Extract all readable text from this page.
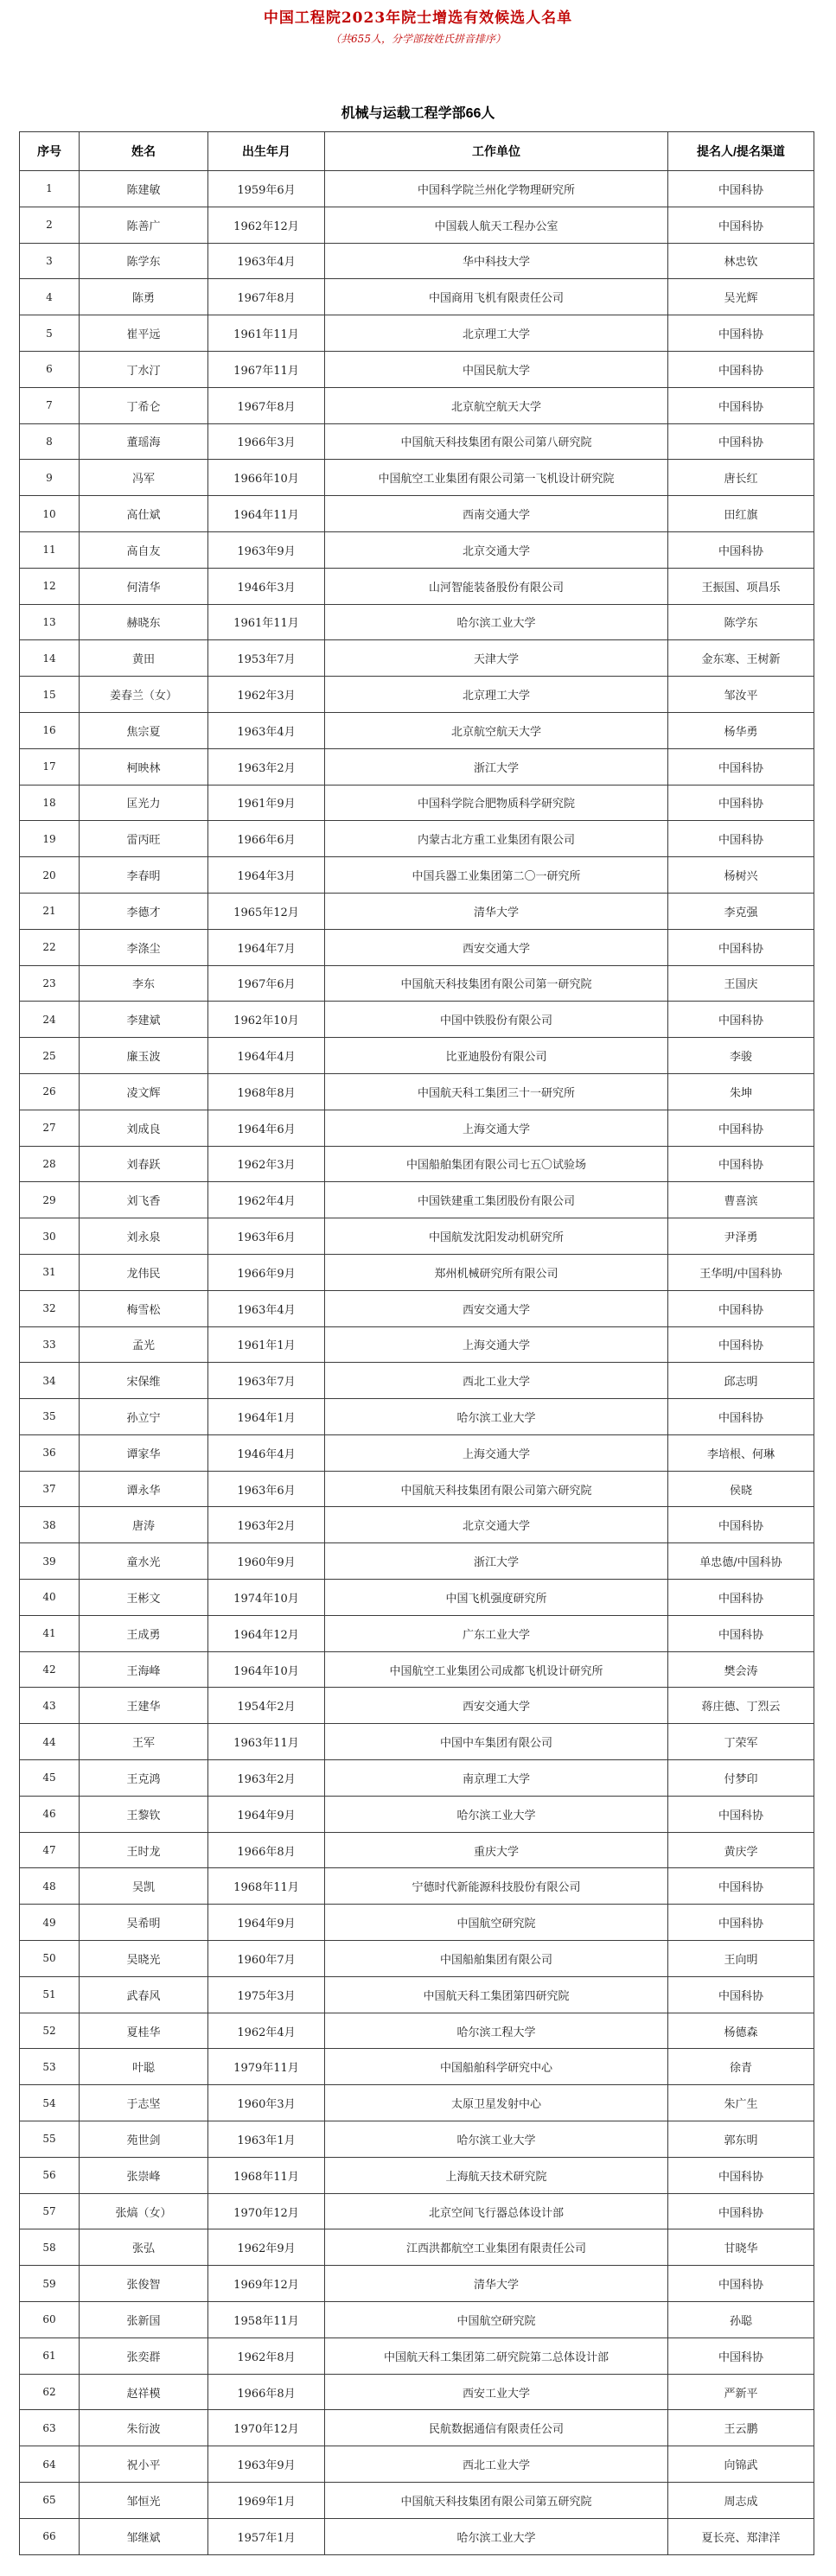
中国工程院2023年院士增选有效候选人名单
（共655人，分学部按姓氏拼音排序）
机械与运载工程学部66人
序号	姓名	出生年月	工作单位	提名人/提名渠道
1	陈建敏	1959年6月	中国科学院兰州化学物理研究所	中国科协
2	陈善广	1962年12月	中国载人航天工程办公室	中国科协
3	陈学东	1963年4月	华中科技大学	林忠钦
4	陈勇	1967年8月	中国商用飞机有限责任公司	吴光辉
5	崔平远	1961年11月	北京理工大学	中国科协
6	丁水汀	1967年11月	中国民航大学	中国科协
7	丁希仑	1967年8月	北京航空航天大学	中国科协
8	董瑶海	1966年3月	中国航天科技集团有限公司第八研究院	中国科协
9	冯军	1966年10月	中国航空工业集团有限公司第一飞机设计研究院	唐长红
10	高仕斌	1964年11月	西南交通大学	田红旗
11	高自友	1963年9月	北京交通大学	中国科协
12	何清华	1946年3月	山河智能装备股份有限公司	王振国、项昌乐
13	赫晓东	1961年11月	哈尔滨工业大学	陈学东
14	黄田	1953年7月	天津大学	金东寒、王树新
15	姜春兰（女）	1962年3月	北京理工大学	邹汝平
16	焦宗夏	1963年4月	北京航空航天大学	杨华勇
17	柯映林	1963年2月	浙江大学	中国科协
18	匡光力	1961年9月	中国科学院合肥物质科学研究院	中国科协
19	雷丙旺	1966年6月	内蒙古北方重工业集团有限公司	中国科协
20	李春明	1964年3月	中国兵器工业集团第二〇一研究所	杨树兴
21	李德才	1965年12月	清华大学	李克强
22	李涤尘	1964年7月	西安交通大学	中国科协
23	李东	1967年6月	中国航天科技集团有限公司第一研究院	王国庆
24	李建斌	1962年10月	中国中铁股份有限公司	中国科协
25	廉玉波	1964年4月	比亚迪股份有限公司	李骏
26	凌文辉	1968年8月	中国航天科工集团三十一研究所	朱坤
27	刘成良	1964年6月	上海交通大学	中国科协
28	刘春跃	1962年3月	中国船舶集团有限公司七五〇试验场	中国科协
29	刘飞香	1962年4月	中国铁建重工集团股份有限公司	曹喜滨
30	刘永泉	1963年6月	中国航发沈阳发动机研究所	尹泽勇
31	龙伟民	1966年9月	郑州机械研究所有限公司	王华明/中国科协
32	梅雪松	1963年4月	西安交通大学	中国科协
33	孟光	1961年1月	上海交通大学	中国科协
34	宋保维	1963年7月	西北工业大学	邱志明
35	孙立宁	1964年1月	哈尔滨工业大学	中国科协
36	谭家华	1946年4月	上海交通大学	李培根、何琳
37	谭永华	1963年6月	中国航天科技集团有限公司第六研究院	侯晓
38	唐涛	1963年2月	北京交通大学	中国科协
39	童水光	1960年9月	浙江大学	单忠德/中国科协
40	王彬文	1974年10月	中国飞机强度研究所	中国科协
41	王成勇	1964年12月	广东工业大学	中国科协
42	王海峰	1964年10月	中国航空工业集团公司成都飞机设计研究所	樊会涛
43	王建华	1954年2月	西安交通大学	蒋庄德、丁烈云
44	王军	1963年11月	中国中车集团有限公司	丁荣军
45	王克鸿	1963年2月	南京理工大学	付梦印
46	王黎钦	1964年9月	哈尔滨工业大学	中国科协
47	王时龙	1966年8月	重庆大学	黄庆学
48	吴凯	1968年11月	宁德时代新能源科技股份有限公司	中国科协
49	吴希明	1964年9月	中国航空研究院	中国科协
50	吴晓光	1960年7月	中国船舶集团有限公司	王向明
51	武春风	1975年3月	中国航天科工集团第四研究院	中国科协
52	夏桂华	1962年4月	哈尔滨工程大学	杨德森
53	叶聪	1979年11月	中国船舶科学研究中心	徐青
54	于志坚	1960年3月	太原卫星发射中心	朱广生
55	苑世剑	1963年1月	哈尔滨工业大学	郭东明
56	张崇峰	1968年11月	上海航天技术研究院	中国科协
57	张熇（女）	1970年12月	北京空间飞行器总体设计部	中国科协
58	张弘	1962年9月	江西洪都航空工业集团有限责任公司	甘晓华
59	张俊智	1969年12月	清华大学	中国科协
60	张新国	1958年11月	中国航空研究院	孙聪
61	张奕群	1962年8月	中国航天科工集团第二研究院第二总体设计部	中国科协
62	赵祥模	1966年8月	西安工业大学	严新平
63	朱衍波	1970年12月	民航数据通信有限责任公司	王云鹏
64	祝小平	1963年9月	西北工业大学	向锦武
65	邹恒光	1969年1月	中国航天科技集团有限公司第五研究院	周志成
66	邹继斌	1957年1月	哈尔滨工业大学	夏长亮、郑津洋
